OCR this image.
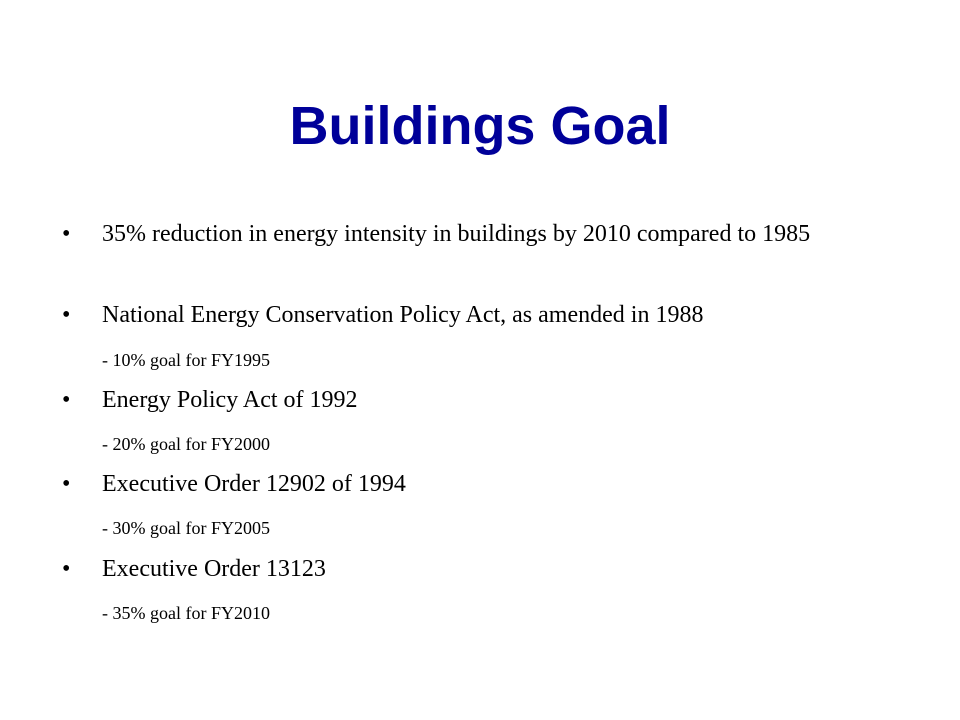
Buildings Goal
•	35% reduction in energy intensity in buildings by 2010 compared to 1985
•	National Energy Conservation Policy Act, as amended in 1988
- 10% goal for FY1995
•	Energy Policy Act of 1992
- 20% goal for FY2000
•	Executive Order 12902 of 1994
- 30% goal for FY2005
•	Executive Order 13123
- 35% goal for FY2010
